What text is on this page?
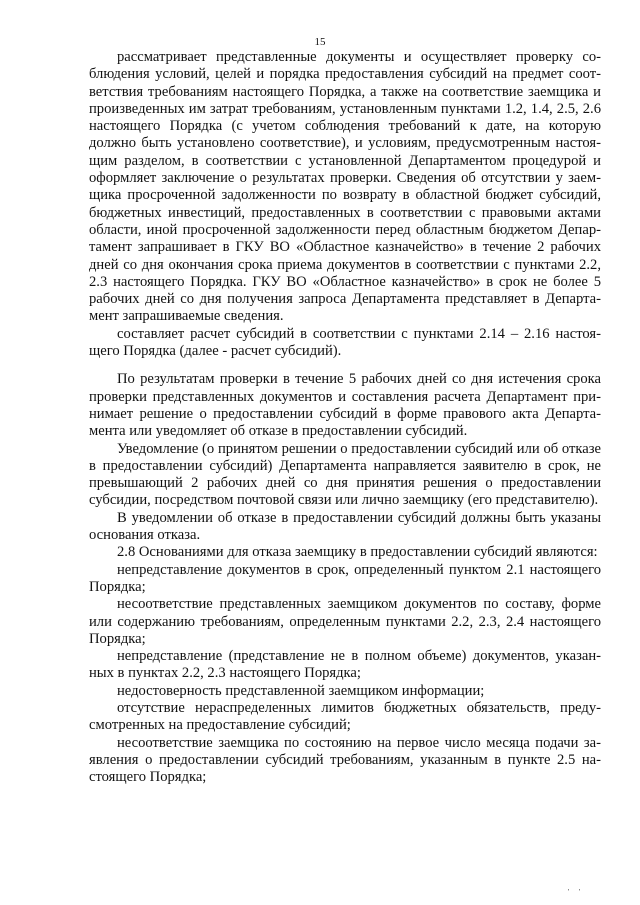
15

рассматривает представленные документы и осуществляет проверку соблюдения условий, целей и порядка предоставления субсидий на предмет соответствия требованиям настоящего Порядка, а также на соответствие заемщика и произведенных им затрат требованиям, установленным пунктами 1.2, 1.4, 2.5, 2.6 настоящего Порядка (с учетом соблюдения требований к дате, на которую должно быть установлено соответствие), и условиям, предусмотренным настоящим разделом, в соответствии с установленной Департаментом процедурой и оформляет заключение о результатах проверки. Сведения об отсутствии у заемщика просроченной задолженности по возврату в областной бюджет субсидий, бюджетных инвестиций, предоставленных в соответствии с правовыми актами области, иной просроченной задолженности перед областным бюджетом Департамент запрашивает в ГКУ ВО «Областное казначейство» в течение 2 рабочих дней со дня окончания срока приема документов в соответствии с пунктами 2.2, 2.3 настоящего Порядка. ГКУ ВО «Областное казначейство» в срок не более 5 рабочих дней со дня получения запроса Департамента представляет в Департамент запрашиваемые сведения.

составляет расчет субсидий в соответствии с пунктами 2.14 – 2.16 настоящего Порядка (далее - расчет субсидий).

По результатам проверки в течение 5 рабочих дней со дня истечения срока проверки представленных документов и составления расчета Департамент принимает решение о предоставлении субсидий в форме правового акта Департамента или уведомляет об отказе в предоставлении субсидий.

Уведомление (о принятом решении о предоставлении субсидий или об отказе в предоставлении субсидий) Департамента направляется заявителю в срок, не превышающий 2 рабочих дней со дня принятия решения о предоставлении субсидии, посредством почтовой связи или лично заемщику (его представителю).

В уведомлении об отказе в предоставлении субсидий должны быть указаны основания отказа.

2.8 Основаниями для отказа заемщику в предоставлении субсидий являются:

непредставление документов в срок, определенный пунктом 2.1 настоящего Порядка;

несоответствие представленных заемщиком документов по составу, форме или содержанию требованиям, определенным пунктами 2.2, 2.3, 2.4 настоящего Порядка;

непредставление (представление не в полном объеме) документов, указанных в пунктах 2.2, 2.3 настоящего Порядка;

недостоверность представленной заемщиком информации;

отсутствие нераспределенных лимитов бюджетных обязательств, предусмотренных на предоставление субсидий;

несоответствие заемщика по состоянию на первое число месяца подачи заявления о предоставлении субсидий требованиям, указанным в пункте 2.5 настоящего Порядка;

' '
